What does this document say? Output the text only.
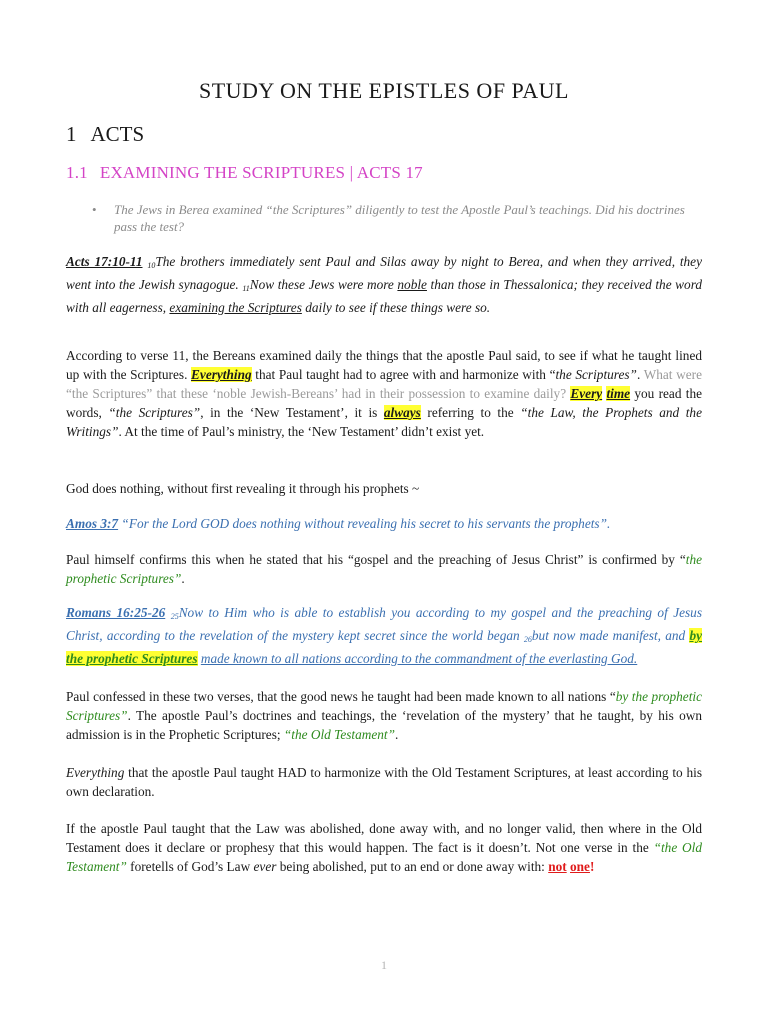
STUDY ON THE EPISTLES OF PAUL
1 ACTS
1.1 EXAMINING THE SCRIPTURES | ACTS 17
•	The Jews in Berea examined “the Scriptures” diligently to test the Apostle Paul’s teachings. Did his doctrines pass the test?
Acts 17:10-11 $_{10}$The brothers immediately sent Paul and Silas away by night to Berea, and when they arrived, they went into the Jewish synagogue. $_{11}$Now these Jews were more noble than those in Thessalonica; they received the word with all eagerness, examining the Scriptures daily to see if these things were so.
According to verse 11, the Bereans examined daily the things that the apostle Paul said, to see if what he taught lined up with the Scriptures. Everything that Paul taught had to agree with and harmonize with “the Scriptures”. What were “the Scriptures” that these ‘noble Jewish-Bereans’ had in their possession to examine daily? Every time you read the words, “the Scriptures”, in the ‘New Testament’, it is always referring to the “the Law, the Prophets and the Writings”. At the time of Paul’s ministry, the ‘New Testament’ didn’t exist yet.
God does nothing, without first revealing it through his prophets ~
Amos 3:7 “For the Lord GOD does nothing without revealing his secret to his servants the prophets”.
Paul himself confirms this when he stated that his “gospel and the preaching of Jesus Christ” is confirmed by “the prophetic Scriptures”.
Romans 16:25-26 $_{25}$Now to Him who is able to establish you according to my gospel and the preaching of Jesus Christ, according to the revelation of the mystery kept secret since the world began $_{26}$but now made manifest, and by the prophetic Scriptures made known to all nations according to the commandment of the everlasting God.
Paul confessed in these two verses, that the good news he taught had been made known to all nations “by the prophetic Scriptures”. The apostle Paul’s doctrines and teachings, the ‘revelation of the mystery’ that he taught, by his own admission is in the Prophetic Scriptures; “the Old Testament”.
Everything that the apostle Paul taught HAD to harmonize with the Old Testament Scriptures, at least according to his own declaration.
If the apostle Paul taught that the Law was abolished, done away with, and no longer valid, then where in the Old Testament does it declare or prophesy that this would happen. The fact is it doesn’t. Not one verse in the “the Old Testament” foretells of God’s Law ever being abolished, put to an end or done away with: not one!
1
